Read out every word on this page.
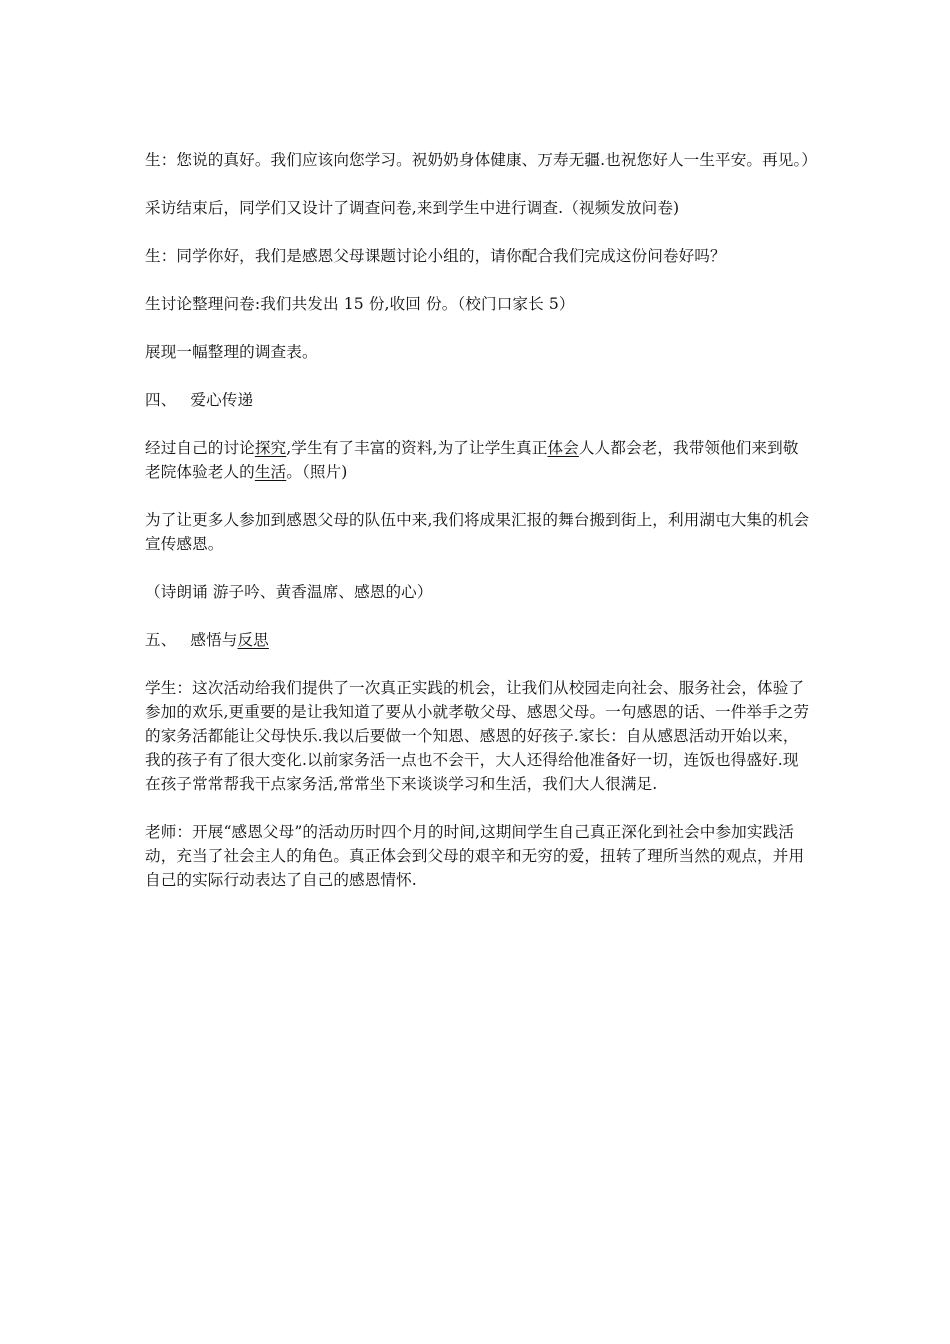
生：您说的真好。我们应该向您学习。祝奶奶身体健康、万寿无疆.也祝您好人一生平安。再见。）

采访结束后，同学们又设计了调查问卷,来到学生中进行调查.（视频发放问卷)

生：同学你好，我们是感恩父母课题讨论小组的，请你配合我们完成这份问卷好吗？

生讨论整理问卷:我们共发出 15 份,收回 份。（校门口家长 5）

展现一幅整理的调查表。

四、 爱心传递

经过自己的讨论探究,学生有了丰富的资料,为了让学生真正体会人人都会老，我带领他们来到敬老院体验老人的生活。（照片)

为了让更多人参加到感恩父母的队伍中来,我们将成果汇报的舞台搬到街上，利用湖屯大集的机会宣传感恩。

（诗朗诵 游子吟、黄香温席、感恩的心）

五、 感悟与反思

学生：这次活动给我们提供了一次真正实践的机会，让我们从校园走向社会、服务社会，体验了参加的欢乐,更重要的是让我知道了要从小就孝敬父母、感恩父母。一句感恩的话、一件举手之劳的家务活都能让父母快乐.我以后要做一个知恩、感恩的好孩子.家长：自从感恩活动开始以来，我的孩子有了很大变化.以前家务活一点也不会干，大人还得给他准备好一切，连饭也得盛好.现在孩子常常帮我干点家务活,常常坐下来谈谈学习和生活，我们大人很满足.

老师：开展“感恩父母”的活动历时四个月的时间,这期间学生自己真正深化到社会中参加实践活动，充当了社会主人的角色。真正体会到父母的艰辛和无穷的爱，扭转了理所当然的观点，并用自己的实际行动表达了自己的感恩情怀.
